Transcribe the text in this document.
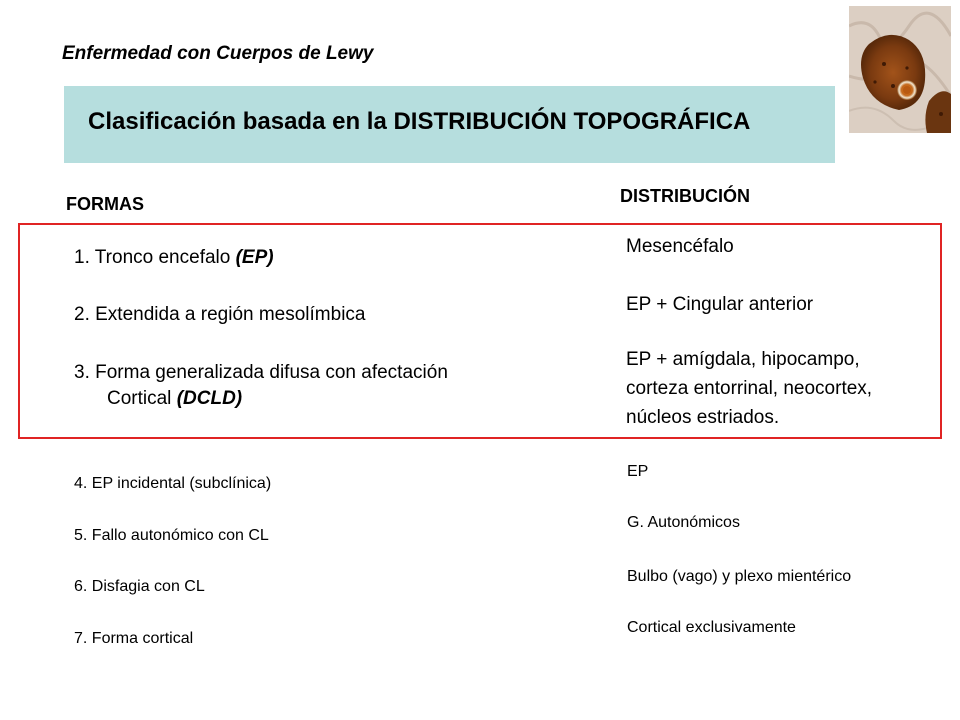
Enfermedad con Cuerpos de Lewy
Clasificación basada en la DISTRIBUCIÓN TOPOGRÁFICA
FORMAS	DISTRIBUCIÓN
1. Tronco encefalo (EP)
2. Extendida a región mesolímbica
3. Forma generalizada difusa con afectación
Cortical (DCLD)
Mesencéfalo
EP + Cingular anterior
EP + amígdala, hipocampo,
corteza entorrinal, neocortex,
núcleos estriados.
4. EP incidental (subclínica)
5. Fallo autonómico con CL
6. Disfagia con CL
7. Forma cortical
EP
G. Autonómicos
Bulbo (vago) y plexo mientérico
Cortical exclusivamente
